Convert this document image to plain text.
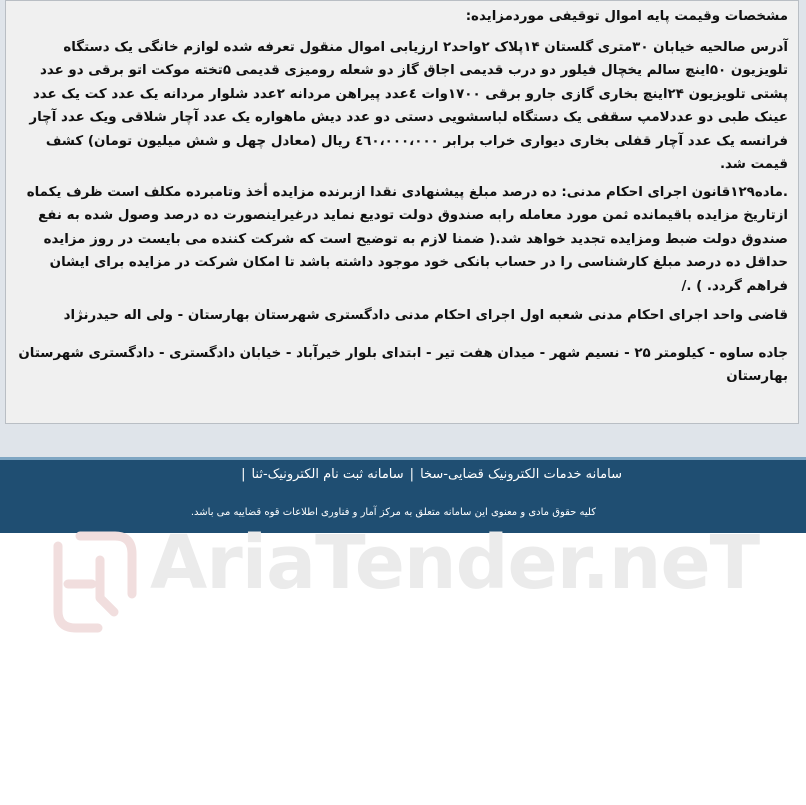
مشخصات وقیمت پایه اموال توقیفی موردمزایده:

آدرس صالحیه خیابان ۳۰متری گلستان ۱۴پلاک ۲واحد۲ ارزیابی اموال منقول تعرفه شده لوازم خانگی یک دستگاه تلویزیون ۵۰اینچ سالم یخچال فیلور دو درب قدیمی اجاق گاز دو شعله رومیزی قدیمی ۵تخته موکت اتو برقی دو عدد پشتی تلویزیون ۲۴اینچ بخاری گازی جارو برقی ۱۷۰۰وات ٤عدد پیراهن مردانه ۲عدد شلوار مردانه یک عدد کت یک عدد عینک طبی دو عددلامپ سقفی یک دستگاه لباسشویی دستی دو عدد دیش ماهواره یک عدد آچار شلاقی ویک عدد آچار فرانسه یک عدد آچار قفلی بخاری دیواری خراب برابر ٤٦٠،٠٠٠،٠٠٠ ریال (معادل چهل و شش میلیون تومان) کشف قیمت شد.

.ماده۱۲۹قانون اجرای احکام مدنی: ده درصد مبلغ پیشنهادی نقدا ازبرنده مزایده أخذ وتامبرده مکلف است ظرف یکماه ازتاریخ مزایده باقیمانده ثمن مورد معامله رابه صندوق دولت تودیع نماید درغیراینصورت ده درصد وصول شده به نفع صندوق دولت ضبط ومزایده تجدید خواهد شد.( ضمنا لازم به توضیح است که شرکت کننده می بایست در روز مزایده حداقل ده درصد مبلغ کارشناسی را در حساب بانکی خود موجود داشته باشد تا امکان شرکت در مزایده برای ایشان فراهم گردد. ) ./

قاضی واحد اجرای احکام مدنی شعبه اول اجرای احکام مدنی دادگستری شهرستان بهارستان - ولی اله حیدرنژاد

جاده ساوه - کیلومتر ۲۵ - نسیم شهر - میدان هفت تیر - ابتدای بلوار خیرآباد - خیابان دادگستری - دادگستری شهرستان بهارستان

سامانه خدمات الکترونیک قضایی-سخا
|
سامانه ثبت نام الکترونیک-ثنا
|
کلیه حقوق مادی و معنوی این سامانه متعلق به مرکز آمار و فناوری اطلاعات قوه قضاییه می باشد.
AriaTender.neT
